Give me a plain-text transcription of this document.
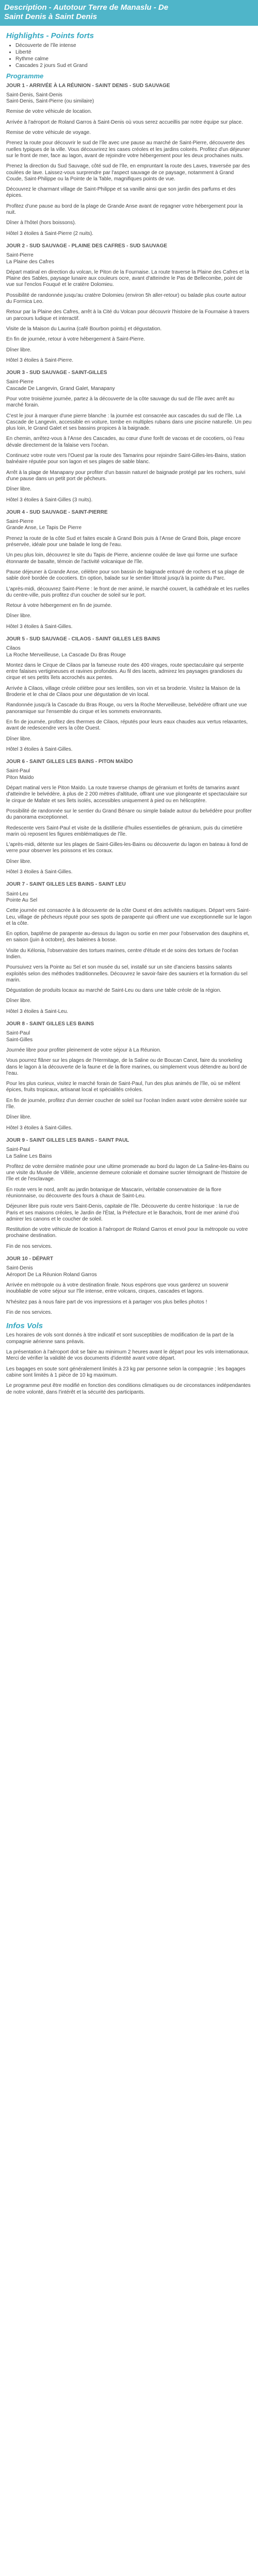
Description - Autotour Terre de Manaslu - De
Saint Denis à Saint Denis
Highlights - Points forts
• Découverte de l'île intense
• Liberté
• Rythme calme
• Cascades 2 jours Sud et Grand
Programme
JOUR 1 - ARRIVÉE À LA RÉUNION - SAINT DENIS - SUD SAUVAGE
Saint-Denis, Saint-Denis
Saint-Denis, Saint-Pierre (ou similaire)
Remise de votre véhicule de location.
Arrivée à l'aéroport de Roland Garros à Saint-Denis où vous serez accueillis par notre équipe sur place.
Remise de votre véhicule de voyage.
Prenez la route pour découvrir le sud de l'île avec une pause au marché de Saint-Pierre, découverte des ruelles typiques de la ville. Vous découvrirez les cases créoles et les jardins colorés. Profitez d'un déjeuner sur le front de mer, face au lagon, avant de rejoindre votre hébergement pour les deux prochaines nuits.
Prenez la direction du Sud Sauvage, côté sud de l'île, en empruntant la route des Laves, traversée par des coulées de lave. Laissez-vous surprendre par l'aspect sauvage de ce paysage, notamment à Grand Coude, Saint-Philippe ou la Pointe de la Table, magnifiques points de vue.
Découvrez le charmant village de Saint-Philippe et sa vanille ainsi que son jardin des parfums et des épices.
Profitez d'une pause au bord de la plage de Grande Anse avant de regagner votre hébergement pour la nuit.
Dîner à l'hôtel (hors boissons).
Hôtel 3 étoiles à Saint-Pierre (2 nuits).
JOUR 2 - SUD SAUVAGE - PLAINE DES CAFRES - SUD SAUVAGE
Saint-Pierre
La Plaine des Cafres
Départ matinal en direction du volcan, le Piton de la Fournaise. La route traverse la Plaine des Cafres et la Plaine des Sables, paysage lunaire aux couleurs ocre, avant d'atteindre le Pas de Bellecombe, point de vue sur l'enclos Fouqué et le cratère Dolomieu.
Possibilité de randonnée jusqu'au cratère Dolomieu (environ 5h aller-retour) ou balade plus courte autour du Formica Leo.
Retour par la Plaine des Cafres, arrêt à la Cité du Volcan pour découvrir l'histoire de la Fournaise à travers un parcours ludique et interactif.
Visite de la Maison du Laurina (café Bourbon pointu) et dégustation.
En fin de journée, retour à votre hébergement à Saint-Pierre.
Dîner libre.
Hôtel 3 étoiles à Saint-Pierre.
JOUR 3 - SUD SAUVAGE - SAINT-GILLES
Saint-Pierre
Cascade De Langevin, Grand Galet, Manapany
Pour votre troisième journée, partez à la découverte de la côte sauvage du sud de l'île avec arrêt au marché forain.
C'est le jour à marquer d'une pierre blanche : la journée est consacrée aux cascades du sud de l'île. La Cascade de Langevin, accessible en voiture, tombe en multiples rubans dans une piscine naturelle. Un peu plus loin, le Grand Galet et ses bassins propices à la baignade.
En chemin, arrêtez-vous à l'Anse des Cascades, au cœur d'une forêt de vacoas et de cocotiers, où l'eau dévale directement de la falaise vers l'océan.
Continuez votre route vers l'Ouest par la route des Tamarins pour rejoindre Saint-Gilles-les-Bains, station balnéaire réputée pour son lagon et ses plages de sable blanc.
Arrêt à la plage de Manapany pour profiter d'un bassin naturel de baignade protégé par les rochers, suivi d'une pause dans un petit port de pêcheurs.
Dîner libre.
Hôtel 3 étoiles à Saint-Gilles (3 nuits).
JOUR 4 - SUD SAUVAGE - SAINT-PIERRE
Saint-Pierre
Grande Anse, Le Tapis De Pierre
Prenez la route de la côte Sud et faites escale à Grand Bois puis à l'Anse de Grand Bois, plage encore préservée, idéale pour une balade le long de l'eau.
Un peu plus loin, découvrez le site du Tapis de Pierre, ancienne coulée de lave qui forme une surface étonnante de basalte, témoin de l'activité volcanique de l'île.
Pause déjeuner à Grande Anse, célèbre pour son bassin de baignade entouré de rochers et sa plage de sable doré bordée de cocotiers. En option, balade sur le sentier littoral jusqu'à la pointe du Parc.
L'après-midi, découvrez Saint-Pierre : le front de mer animé, le marché couvert, la cathédrale et les ruelles du centre-ville, puis profitez d'un coucher de soleil sur le port.
Retour à votre hébergement en fin de journée.
Dîner libre.
Hôtel 3 étoiles à Saint-Gilles.
JOUR 5 - SUD SAUVAGE - CILAOS - SAINT GILLES LES BAINS
Cilaos
La Roche Merveilleuse, La Cascade Du Bras Rouge
Montez dans le Cirque de Cilaos par la fameuse route des 400 virages, route spectaculaire qui serpente entre falaises vertigineuses et ravines profondes. Au fil des lacets, admirez les paysages grandioses du cirque et ses petits îlets accrochés aux pentes.
Arrivée à Cilaos, village créole célèbre pour ses lentilles, son vin et sa broderie. Visitez la Maison de la Broderie et le chai de Cilaos pour une dégustation de vin local.
Randonnée jusqu'à la Cascade du Bras Rouge, ou vers la Roche Merveilleuse, belvédère offrant une vue panoramique sur l'ensemble du cirque et les sommets environnants.
En fin de journée, profitez des thermes de Cilaos, réputés pour leurs eaux chaudes aux vertus relaxantes, avant de redescendre vers la côte Ouest.
Dîner libre.
Hôtel 3 étoiles à Saint-Gilles.
JOUR 6 - SAINT GILLES LES BAINS - PITON MAÏDO
Saint-Paul
Piton Maïdo
Départ matinal vers le Piton Maïdo. La route traverse champs de géranium et forêts de tamarins avant d'atteindre le belvédère, à plus de 2 200 mètres d'altitude, offrant une vue plongeante et spectaculaire sur le cirque de Mafate et ses îlets isolés, accessibles uniquement à pied ou en hélicoptère.
Possibilité de randonnée sur le sentier du Grand Bénare ou simple balade autour du belvédère pour profiter du panorama exceptionnel.
Redescente vers Saint-Paul et visite de la distillerie d'huiles essentielles de géranium, puis du cimetière marin où reposent les figures emblématiques de l'île.
L'après-midi, détente sur les plages de Saint-Gilles-les-Bains ou découverte du lagon en bateau à fond de verre pour observer les poissons et les coraux.
Dîner libre.
Hôtel 3 étoiles à Saint-Gilles.
JOUR 7 - SAINT GILLES LES BAINS - SAINT LEU
Saint-Leu
Pointe Au Sel
Cette journée est consacrée à la découverte de la côte Ouest et des activités nautiques. Départ vers Saint-Leu, village de pêcheurs réputé pour ses spots de parapente qui offrent une vue exceptionnelle sur le lagon et la côte.
En option, baptême de parapente au-dessus du lagon ou sortie en mer pour l'observation des dauphins et, en saison (juin à octobre), des baleines à bosse.
Visite du Kélonia, l'observatoire des tortues marines, centre d'étude et de soins des tortues de l'océan Indien.
Poursuivez vers la Pointe au Sel et son musée du sel, installé sur un site d'anciens bassins salants exploités selon des méthodes traditionnelles. Découvrez le savoir-faire des sauniers et la formation du sel marin.
Dégustation de produits locaux au marché de Saint-Leu ou dans une table créole de la région.
Dîner libre.
Hôtel 3 étoiles à Saint-Leu.
JOUR 8 - SAINT GILLES LES BAINS
Saint-Paul
Saint-Gilles
Journée libre pour profiter pleinement de votre séjour à La Réunion.
Vous pourrez flâner sur les plages de l'Hermitage, de la Saline ou de Boucan Canot, faire du snorkeling dans le lagon à la découverte de la faune et de la flore marines, ou simplement vous détendre au bord de l'eau.
Pour les plus curieux, visitez le marché forain de Saint-Paul, l'un des plus animés de l'île, où se mêlent épices, fruits tropicaux, artisanat local et spécialités créoles.
En fin de journée, profitez d'un dernier coucher de soleil sur l'océan Indien avant votre dernière soirée sur l'île.
Dîner libre.
Hôtel 3 étoiles à Saint-Gilles.
JOUR 9 - SAINT GILLES LES BAINS - SAINT PAUL
Saint-Paul
La Saline Les Bains
Profitez de votre dernière matinée pour une ultime promenade au bord du lagon de La Saline-les-Bains ou une visite du Musée de Villèle, ancienne demeure coloniale et domaine sucrier témoignant de l'histoire de l'île et de l'esclavage.
En route vers le nord, arrêt au jardin botanique de Mascarin, véritable conservatoire de la flore réunionnaise, ou découverte des fours à chaux de Saint-Leu.
Déjeuner libre puis route vers Saint-Denis, capitale de l'île. Découverte du centre historique : la rue de Paris et ses maisons créoles, le Jardin de l'État, la Préfecture et le Barachois, front de mer animé d'où admirer les canons et le coucher de soleil.
Restitution de votre véhicule de location à l'aéroport de Roland Garros et envol pour la métropole ou votre prochaine destination.
Fin de nos services.
JOUR 10 - DÉPART
Saint-Denis
Aéroport De La Réunion Roland Garros
Arrivée en métropole ou à votre destination finale. Nous espérons que vous garderez un souvenir inoubliable de votre séjour sur l'île intense, entre volcans, cirques, cascades et lagons.
N'hésitez pas à nous faire part de vos impressions et à partager vos plus belles photos !
Fin de nos services.
Infos Vols
Les horaires de vols sont donnés à titre indicatif et sont susceptibles de modification de la part de la compagnie aérienne sans préavis.
La présentation à l'aéroport doit se faire au minimum 2 heures avant le départ pour les vols internationaux. Merci de vérifier la validité de vos documents d'identité avant votre départ.
Les bagages en soute sont généralement limités à 23 kg par personne selon la compagnie ; les bagages cabine sont limités à 1 pièce de 10 kg maximum.
Le programme peut être modifié en fonction des conditions climatiques ou de circonstances indépendantes de notre volonté, dans l'intérêt et la sécurité des participants.
